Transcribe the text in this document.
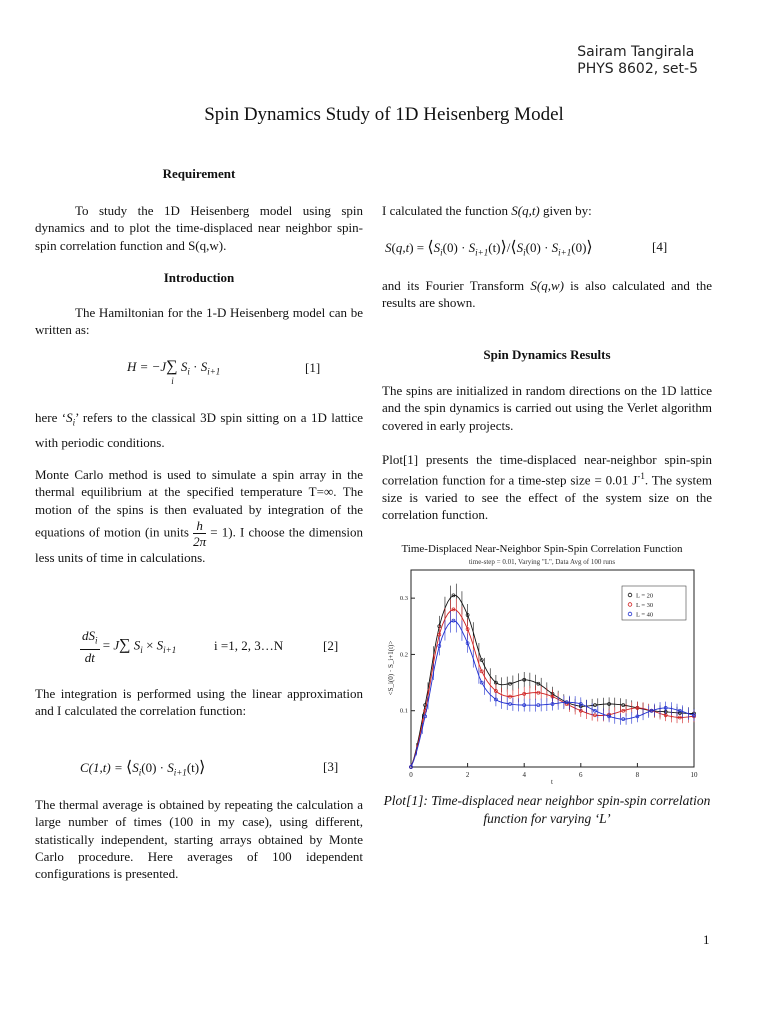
Sairam Tangirala
PHYS 8602, set-5
Spin Dynamics Study of 1D Heisenberg Model
Requirement
To study the 1D Heisenberg model using spin dynamics and to plot the time-displaced near neighbor spin-spin correlation function and S(q,w).
Introduction
The Hamiltonian for the 1-D Heisenberg model can be written as:
H = −J∑
i
$S_i \cdot S_{i+1}$	[1]
here ‘$S_i$’ refers to the classical 3D spin sitting on a 1D lattice with periodic conditions.
Monte Carlo method is used to simulate a spin array in the thermal equilibrium at the specified temperature T=∞. The motion of the spins is then evaluated by integration of the equations of motion (in units $\frac{h}{2\pi} = 1$). I choose the dimension less units of time in calculations.
$\frac{dS_i}{dt} = J\sum$ $S_i \times S_{i+1}$	i =1, 2, 3…N	[2]
The integration is performed using the linear approximation and I calculated the correlation function:
$C(1,t) = ⟨S_i(0)$ · $S_{i+1}(t)⟩$	[3]
The thermal average is obtained by repeating the calculation a large number of times (100 in my case), using different, statistically independent, starting arrays obtained by Monte Carlo procedure. Here averages of 100 idependent configurations is presented.
I calculated the function S(q,t) given by:
$S(q,t) = ⟨S_i(0)$ · $S_{i+1}(t)⟩/⟨S_i(0)$ · $S_{i+1}(0)⟩$	[4]
and its Fourier Transform S(q,w) is also calculated and the results are shown.
Spin Dynamics Results
The spins are initialized in random directions on the 1D lattice and the spin dynamics is carried out using the Verlet algorithm covered in early projects.
Plot[1] presents the time-displaced near-neighbor spin-spin correlation function for a time-step size = 0.01 $J^{-1}$. The system size is varied to see the effect of the system size on the correlation function.
Time-Displaced Near-Neighbor Spin-Spin Correlation Function
time-step = 0.01, Varying "L", Data Avg of 100 runs
0	2	4	6	8	10
0.1
0.2
0.3	L = 20
L = 30
L = 40
t
<S_i(0) · S_i+1(t)>
Plot[1]: Time-displaced near neighbor spin-spin correlation function for varying ‘L’
1
